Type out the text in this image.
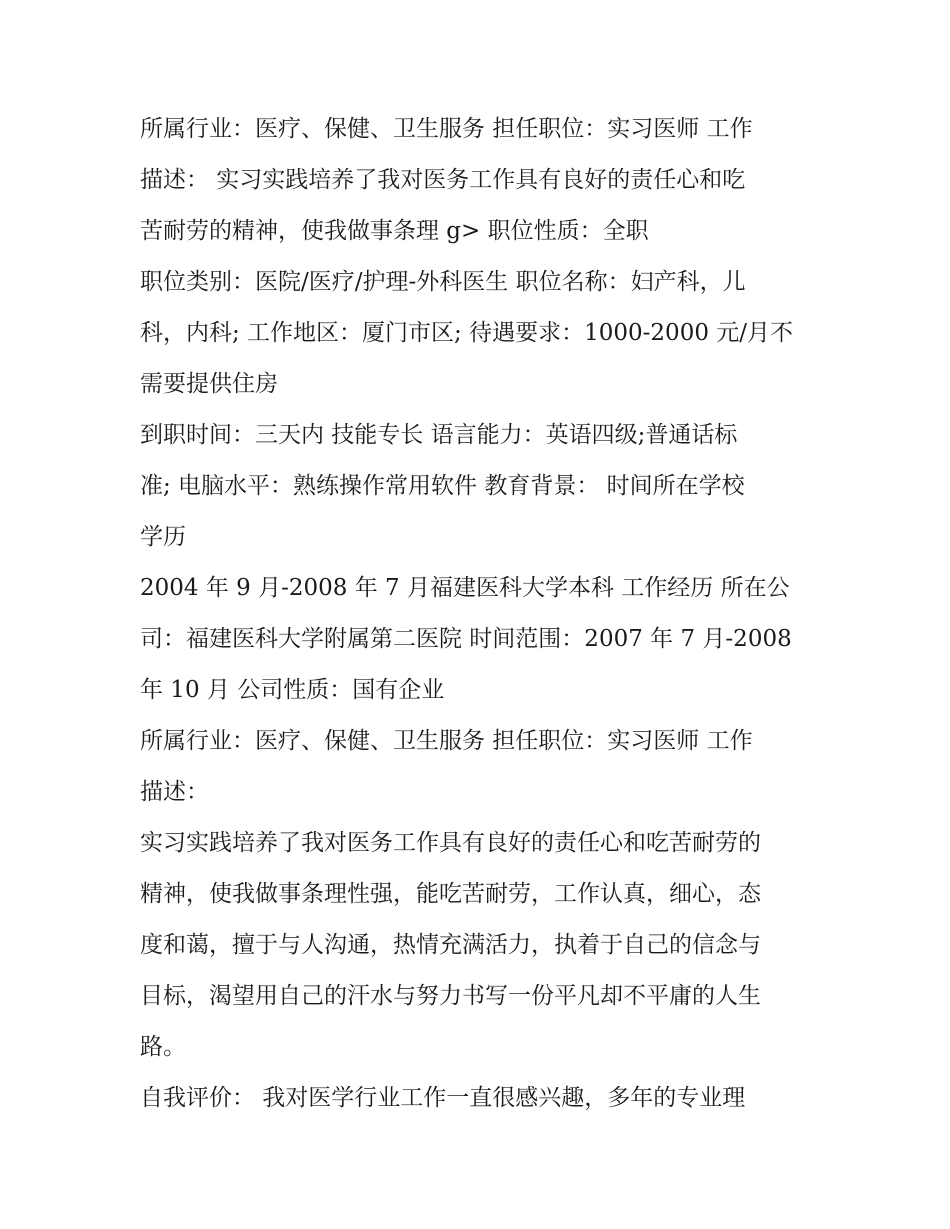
所属行业：医疗、保健、卫生服务 担任职位：实习医师 工作
描述： 实习实践培养了我对医务工作具有良好的责任心和吃
苦耐劳的精神，使我做事条理 g> 职位性质：全职
职位类别：医院/医疗/护理-外科医生 职位名称：妇产科，儿
科，内科; 工作地区：厦门市区; 待遇要求：1000-2000 元/月不
需要提供住房
到职时间：三天内 技能专长 语言能力：英语四级;普通话标
准; 电脑水平：熟练操作常用软件 教育背景： 时间所在学校
学历
2004 年 9 月-2008 年 7 月福建医科大学本科 工作经历 所在公
司：福建医科大学附属第二医院 时间范围：2007 年 7 月-2008
年 10 月 公司性质：国有企业
所属行业：医疗、保健、卫生服务 担任职位：实习医师 工作
描述：
实习实践培养了我对医务工作具有良好的责任心和吃苦耐劳的
精神，使我做事条理性强，能吃苦耐劳，工作认真，细心，态
度和蔼，擅于与人沟通，热情充满活力，执着于自己的信念与
目标，渴望用自己的汗水与努力书写一份平凡却不平庸的人生
路。
自我评价： 我对医学行业工作一直很感兴趣，多年的专业理
